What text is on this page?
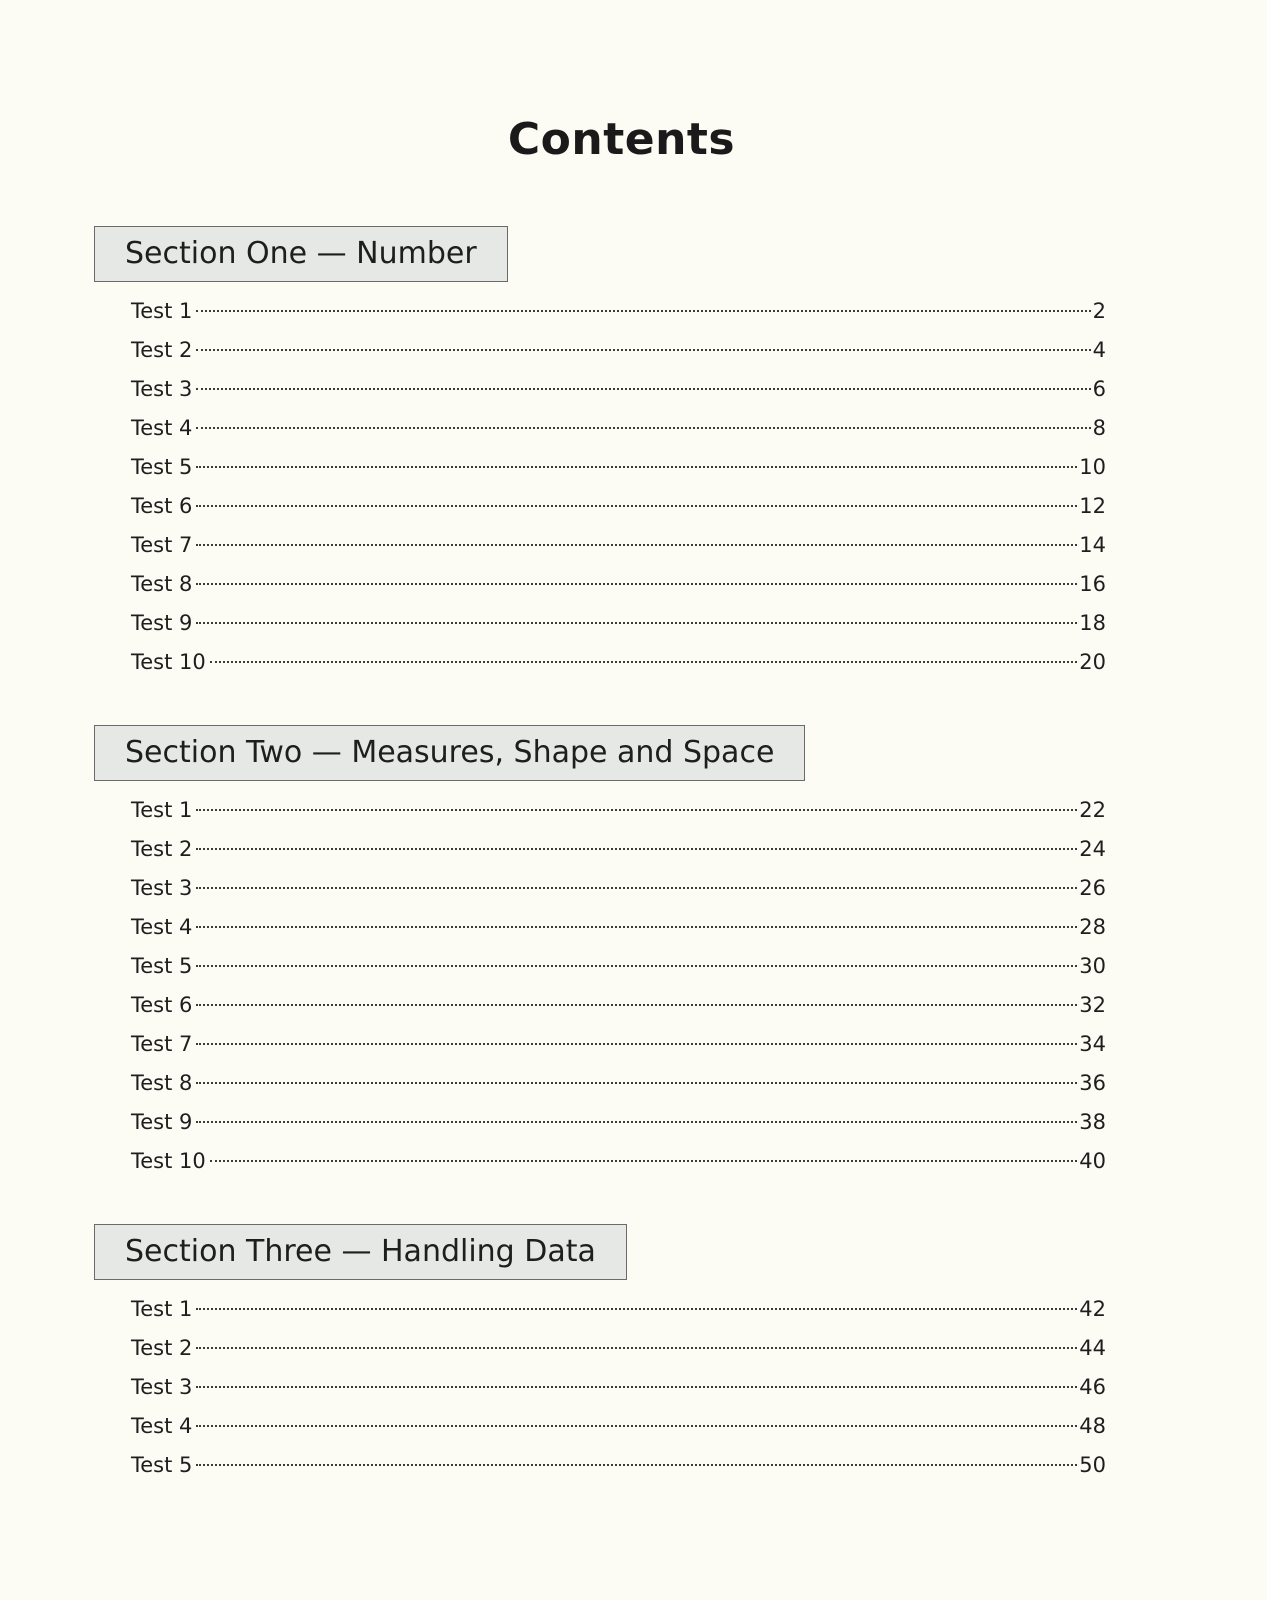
Contents
Section One — Number
Test 1	2
Test 2	4
Test 3	6
Test 4	8
Test 5	10
Test 6	12
Test 7	14
Test 8	16
Test 9	18
Test 10	20
Section Two — Measures, Shape and Space
Test 1	22
Test 2	24
Test 3	26
Test 4	28
Test 5	30
Test 6	32
Test 7	34
Test 8	36
Test 9	38
Test 10	40
Section Three — Handling Data
Test 1	42
Test 2	44
Test 3	46
Test 4	48
Test 5	50
